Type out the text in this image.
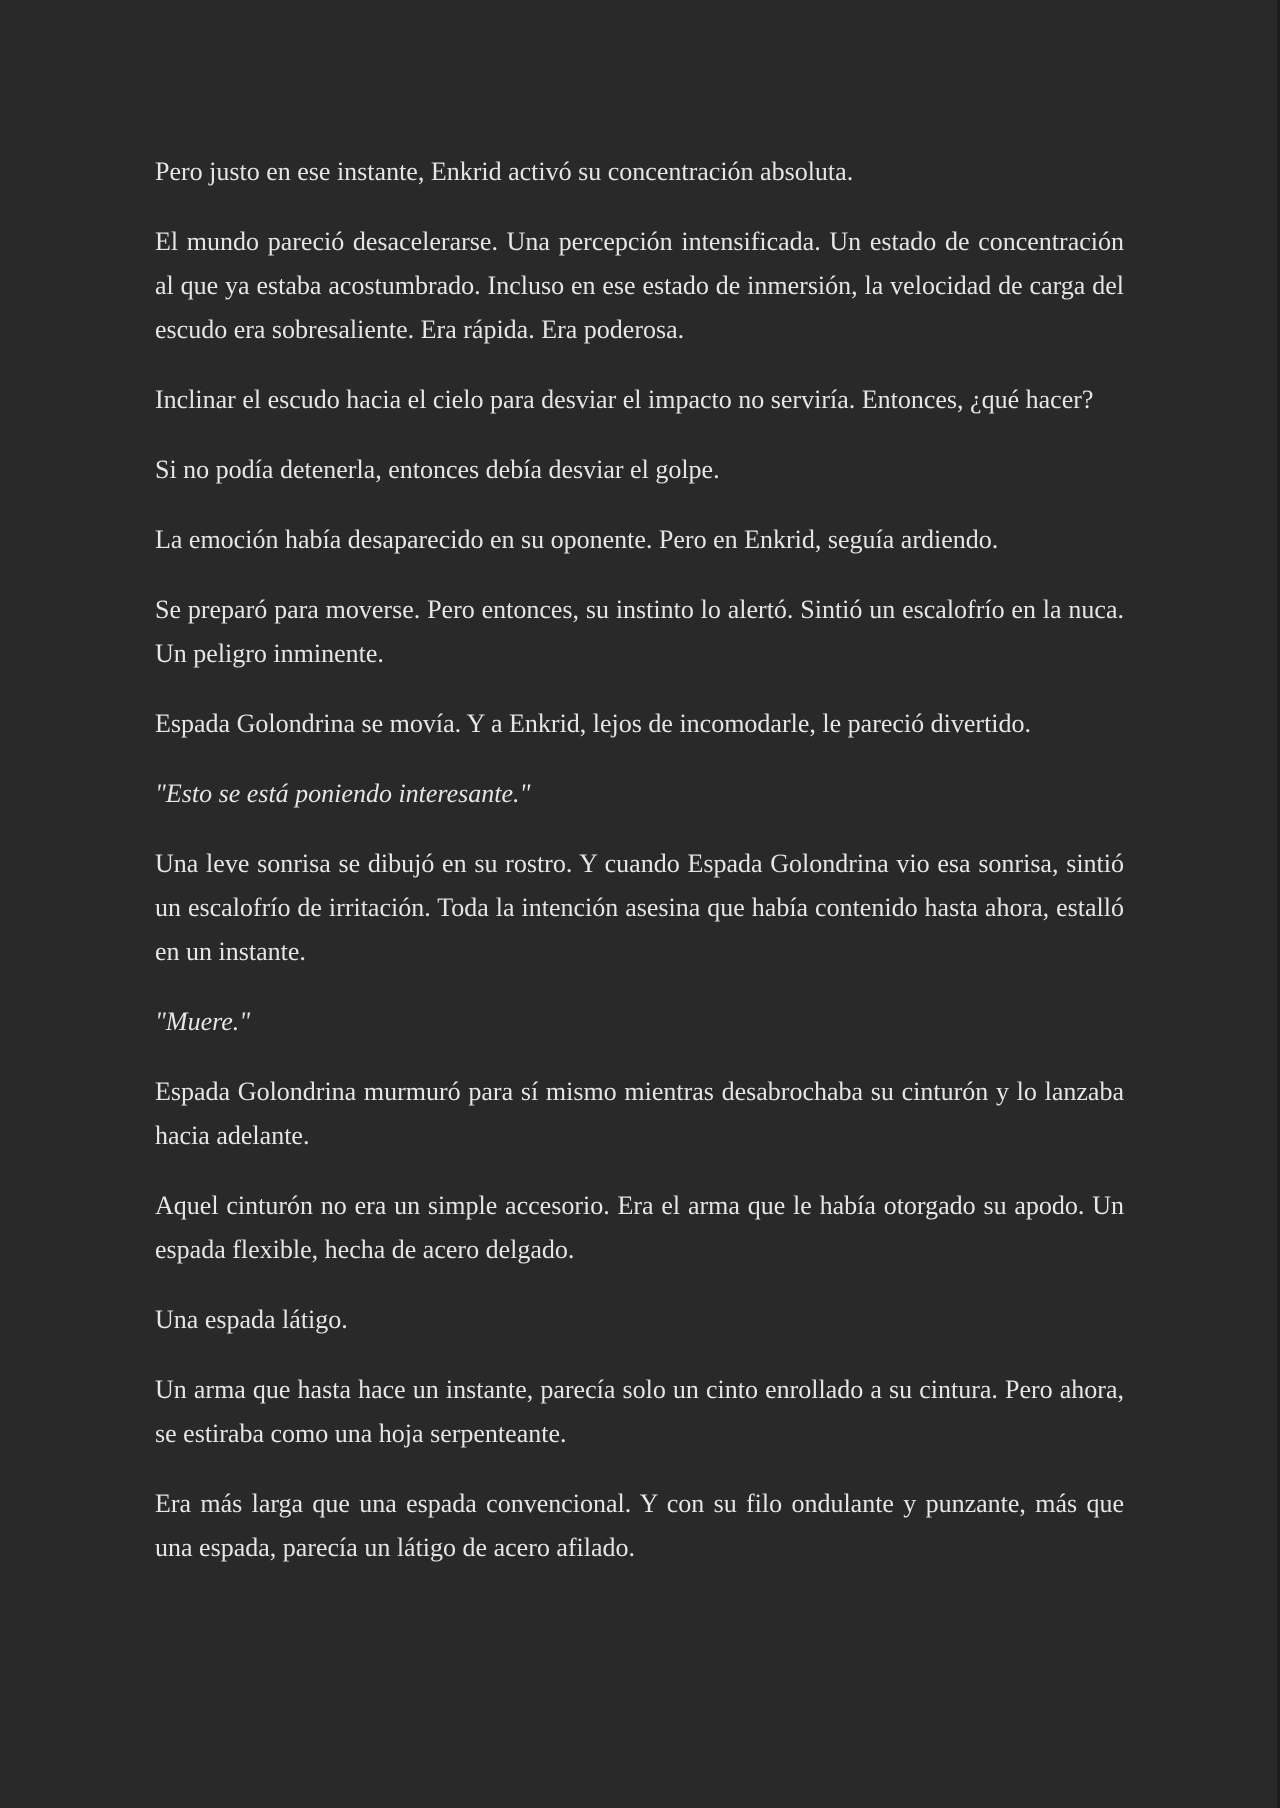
Pero justo en ese instante, Enkrid activó su concentración absoluta.

El mundo pareció desacelerarse. Una percepción intensificada. Un estado de concentración al que ya estaba acostumbrado. Incluso en ese estado de inmersión, la velocidad de carga del escudo era sobresaliente. Era rápida. Era poderosa.

Inclinar el escudo hacia el cielo para desviar el impacto no serviría. Entonces, ¿qué hacer?

Si no podía detenerla, entonces debía desviar el golpe.

La emoción había desaparecido en su oponente. Pero en Enkrid, seguía ardiendo.

Se preparó para moverse. Pero entonces, su instinto lo alertó. Sintió un escalofrío en la nuca. Un peligro inminente.

Espada Golondrina se movía. Y a Enkrid, lejos de incomodarle, le pareció divertido.

"Esto se está poniendo interesante."

Una leve sonrisa se dibujó en su rostro. Y cuando Espada Golondrina vio esa sonrisa, sintió un escalofrío de irritación. Toda la intención asesina que había contenido hasta ahora, estalló en un instante.

"Muere."

Espada Golondrina murmuró para sí mismo mientras desabrochaba su cinturón y lo lanzaba hacia adelante.

Aquel cinturón no era un simple accesorio. Era el arma que le había otorgado su apodo. Un espada flexible, hecha de acero delgado.

Una espada látigo.

Un arma que hasta hace un instante, parecía solo un cinto enrollado a su cintura. Pero ahora, se estiraba como una hoja serpenteante.

Era más larga que una espada convencional. Y con su filo ondulante y punzante, más que una espada, parecía un látigo de acero afilado.
